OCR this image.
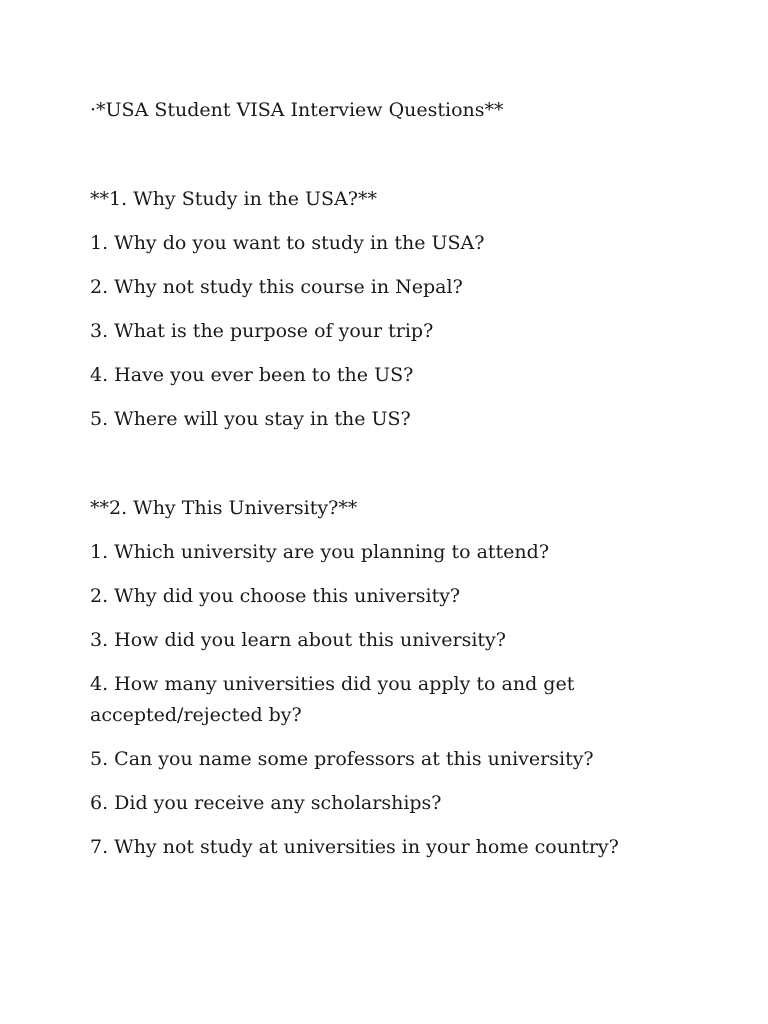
·*USA Student VISA Interview Questions**

**1. Why Study in the USA?**

1. Why do you want to study in the USA?

2. Why not study this course in Nepal?

3. What is the purpose of your trip?

4. Have you ever been to the US?

5. Where will you stay in the US?

**2. Why This University?**

1. Which university are you planning to attend?

2. Why did you choose this university?

3. How did you learn about this university?

4. How many universities did you apply to and get accepted/rejected by?

5. Can you name some professors at this university?

6. Did you receive any scholarships?

7. Why not study at universities in your home country?
